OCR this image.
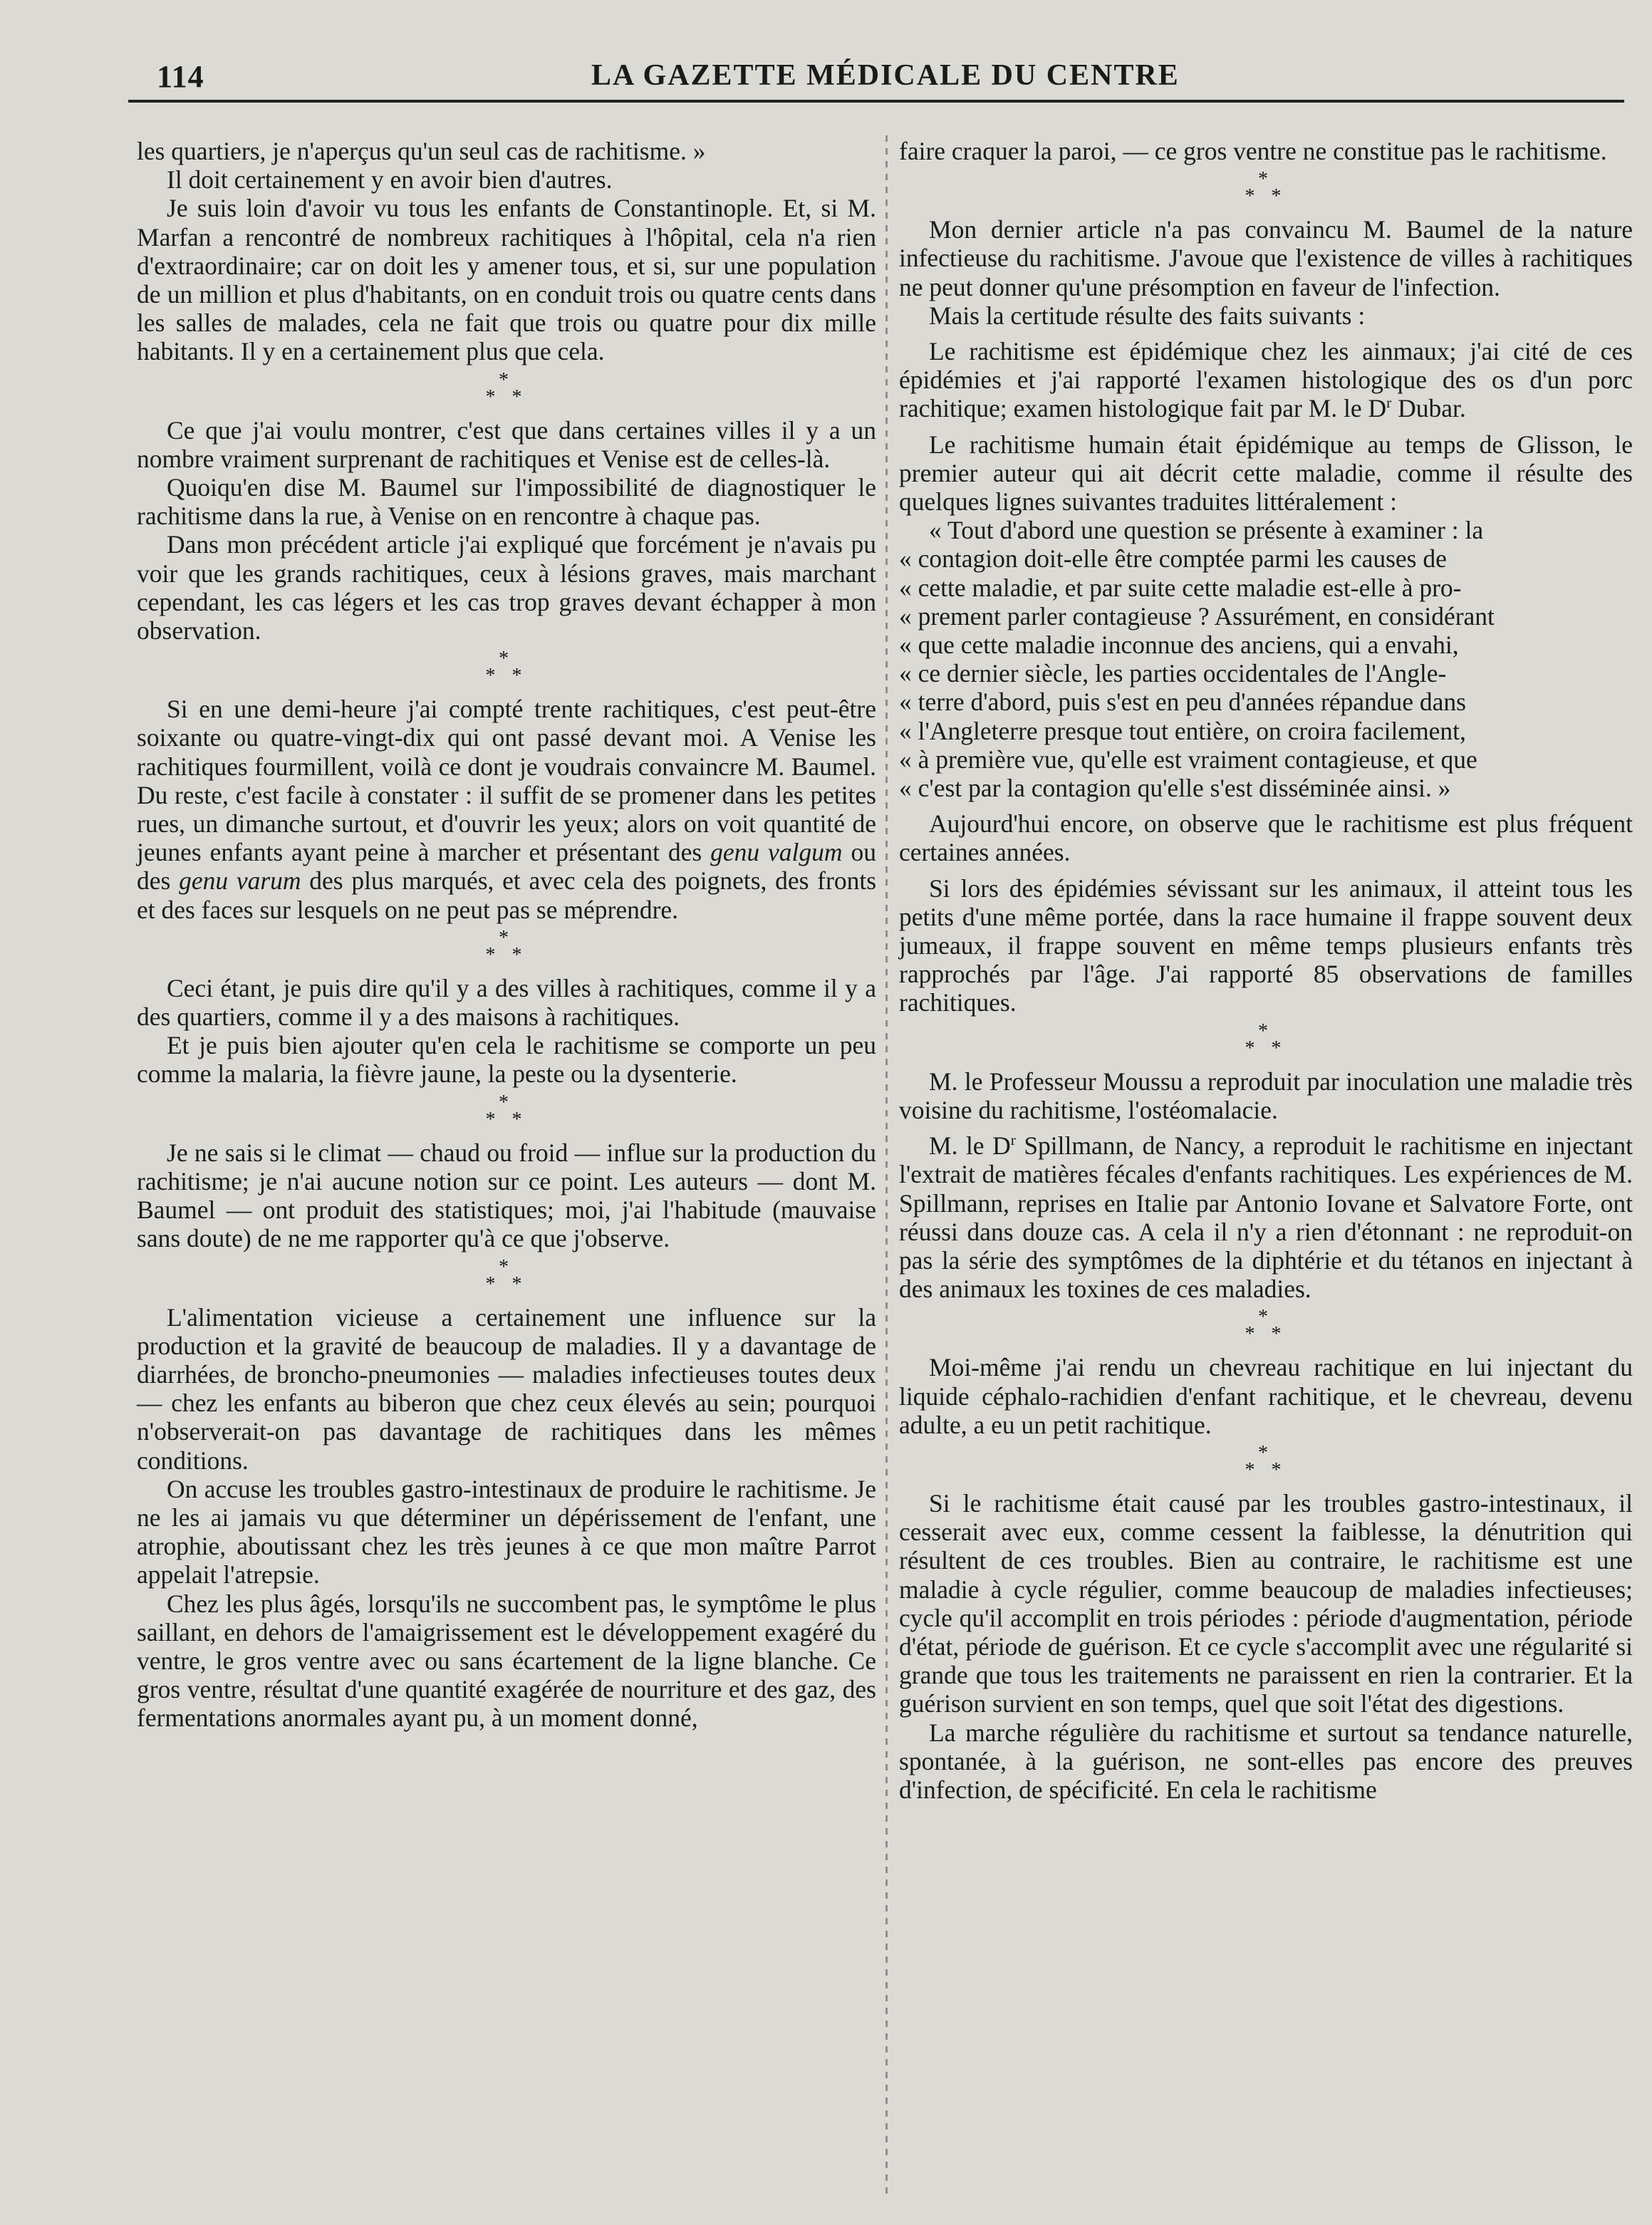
114	LA GAZETTE MÉDICALE DU CENTRE

les quartiers, je n'aperçus qu'un seul cas de rachitisme. »

Il doit certainement y en avoir bien d'autres.

Je suis loin d'avoir vu tous les enfants de Constantinople. Et, si M. Marfan a rencontré de nombreux rachitiques à l'hôpital, cela n'a rien d'extraordinaire; car on doit les y amener tous, et si, sur une population de un million et plus d'habitants, on en conduit trois ou quatre cents dans les salles de malades, cela ne fait que trois ou quatre pour dix mille habitants. Il y en a certainement plus que cela.

*
* *

Ce que j'ai voulu montrer, c'est que dans certaines villes il y a un nombre vraiment surprenant de rachitiques et Venise est de celles-là.

Quoiqu'en dise M. Baumel sur l'impossibilité de diagnostiquer le rachitisme dans la rue, à Venise on en rencontre à chaque pas.

Dans mon précédent article j'ai expliqué que forcément je n'avais pu voir que les grands rachitiques, ceux à lésions graves, mais marchant cependant, les cas légers et les cas trop graves devant échapper à mon observation.

*
* *

Si en une demi-heure j'ai compté trente rachitiques, c'est peut-être soixante ou quatre-vingt-dix qui ont passé devant moi. A Venise les rachitiques fourmillent, voilà ce dont je voudrais convaincre M. Baumel. Du reste, c'est facile à constater : il suffit de se promener dans les petites rues, un dimanche surtout, et d'ouvrir les yeux; alors on voit quantité de jeunes enfants ayant peine à marcher et présentant des genu valgum ou des genu varum des plus marqués, et avec cela des poignets, des fronts et des faces sur lesquels on ne peut pas se méprendre.

*
* *

Ceci étant, je puis dire qu'il y a des villes à rachitiques, comme il y a des quartiers, comme il y a des maisons à rachitiques.

Et je puis bien ajouter qu'en cela le rachitisme se comporte un peu comme la malaria, la fièvre jaune, la peste ou la dysenterie.

*
* *

Je ne sais si le climat — chaud ou froid — influe sur la production du rachitisme; je n'ai aucune notion sur ce point. Les auteurs — dont M. Baumel — ont produit des statistiques; moi, j'ai l'habitude (mauvaise sans doute) de ne me rapporter qu'à ce que j'observe.

*
* *

L'alimentation vicieuse a certainement une influence sur la production et la gravité de beaucoup de maladies. Il y a davantage de diarrhées, de broncho-pneumonies — maladies infectieuses toutes deux — chez les enfants au biberon que chez ceux élevés au sein; pourquoi n'observerait-on pas davantage de rachitiques dans les mêmes conditions.

On accuse les troubles gastro-intestinaux de produire le rachitisme. Je ne les ai jamais vu que déterminer un dépérissement de l'enfant, une atrophie, aboutissant chez les très jeunes à ce que mon maître Parrot appelait l'atrepsie.

Chez les plus âgés, lorsqu'ils ne succombent pas, le symptôme le plus saillant, en dehors de l'amaigrissement est le développement exagéré du ventre, le gros ventre avec ou sans écartement de la ligne blanche. Ce gros ventre, résultat d'une quantité exagérée de nourriture et des gaz, des fermentations anormales ayant pu, à un moment donné,

faire craquer la paroi, — ce gros ventre ne constitue pas le rachitisme.

*
* *

Mon dernier article n'a pas convaincu M. Baumel de la nature infectieuse du rachitisme. J'avoue que l'existence de villes à rachitiques ne peut donner qu'une présomption en faveur de l'infection.

Mais la certitude résulte des faits suivants :

Le rachitisme est épidémique chez les ainmaux; j'ai cité de ces épidémies et j'ai rapporté l'examen histologique des os d'un porc rachitique; examen histologique fait par M. le $D^r$ Dubar.

Le rachitisme humain était épidémique au temps de Glisson, le premier auteur qui ait décrit cette maladie, comme il résulte des quelques lignes suivantes traduites littéralement :

« Tout d'abord une question se présente à examiner : la

« contagion doit-elle être comptée parmi les causes de

« cette maladie, et par suite cette maladie est-elle à pro-

« prement parler contagieuse ? Assurément, en considérant

« que cette maladie inconnue des anciens, qui a envahi,

« ce dernier siècle, les parties occidentales de l'Angle-

« terre d'abord, puis s'est en peu d'années répandue dans

« l'Angleterre presque tout entière, on croira facilement,

« à première vue, qu'elle est vraiment contagieuse, et que

« c'est par la contagion qu'elle s'est disséminée ainsi. »

Aujourd'hui encore, on observe que le rachitisme est plus fréquent certaines années.

Si lors des épidémies sévissant sur les animaux, il atteint tous les petits d'une même portée, dans la race humaine il frappe souvent deux jumeaux, il frappe souvent en même temps plusieurs enfants très rapprochés par l'âge. J'ai rapporté 85 observations de familles rachitiques.

*
* *

M. le Professeur Moussu a reproduit par inoculation une maladie très voisine du rachitisme, l'ostéomalacie.

M. le $D^r$ Spillmann, de Nancy, a reproduit le rachitisme en injectant l'extrait de matières fécales d'enfants rachitiques. Les expériences de M. Spillmann, reprises en Italie par Antonio Iovane et Salvatore Forte, ont réussi dans douze cas. A cela il n'y a rien d'étonnant : ne reproduit-on pas la série des symptômes de la diphtérie et du tétanos en injectant à des animaux les toxines de ces maladies.

*
* *

Moi-même j'ai rendu un chevreau rachitique en lui injectant du liquide céphalo-rachidien d'enfant rachitique, et le chevreau, devenu adulte, a eu un petit rachitique.

*
* *

Si le rachitisme était causé par les troubles gastro-intestinaux, il cesserait avec eux, comme cessent la faiblesse, la dénutrition qui résultent de ces troubles. Bien au contraire, le rachitisme est une maladie à cycle régulier, comme beaucoup de maladies infectieuses; cycle qu'il accomplit en trois périodes : période d'augmentation, période d'état, période de guérison. Et ce cycle s'accomplit avec une régularité si grande que tous les traitements ne paraissent en rien la contrarier. Et la guérison survient en son temps, quel que soit l'état des digestions.

La marche régulière du rachitisme et surtout sa tendance naturelle, spontanée, à la guérison, ne sont-elles pas encore des preuves d'infection, de spécificité. En cela le rachitisme
